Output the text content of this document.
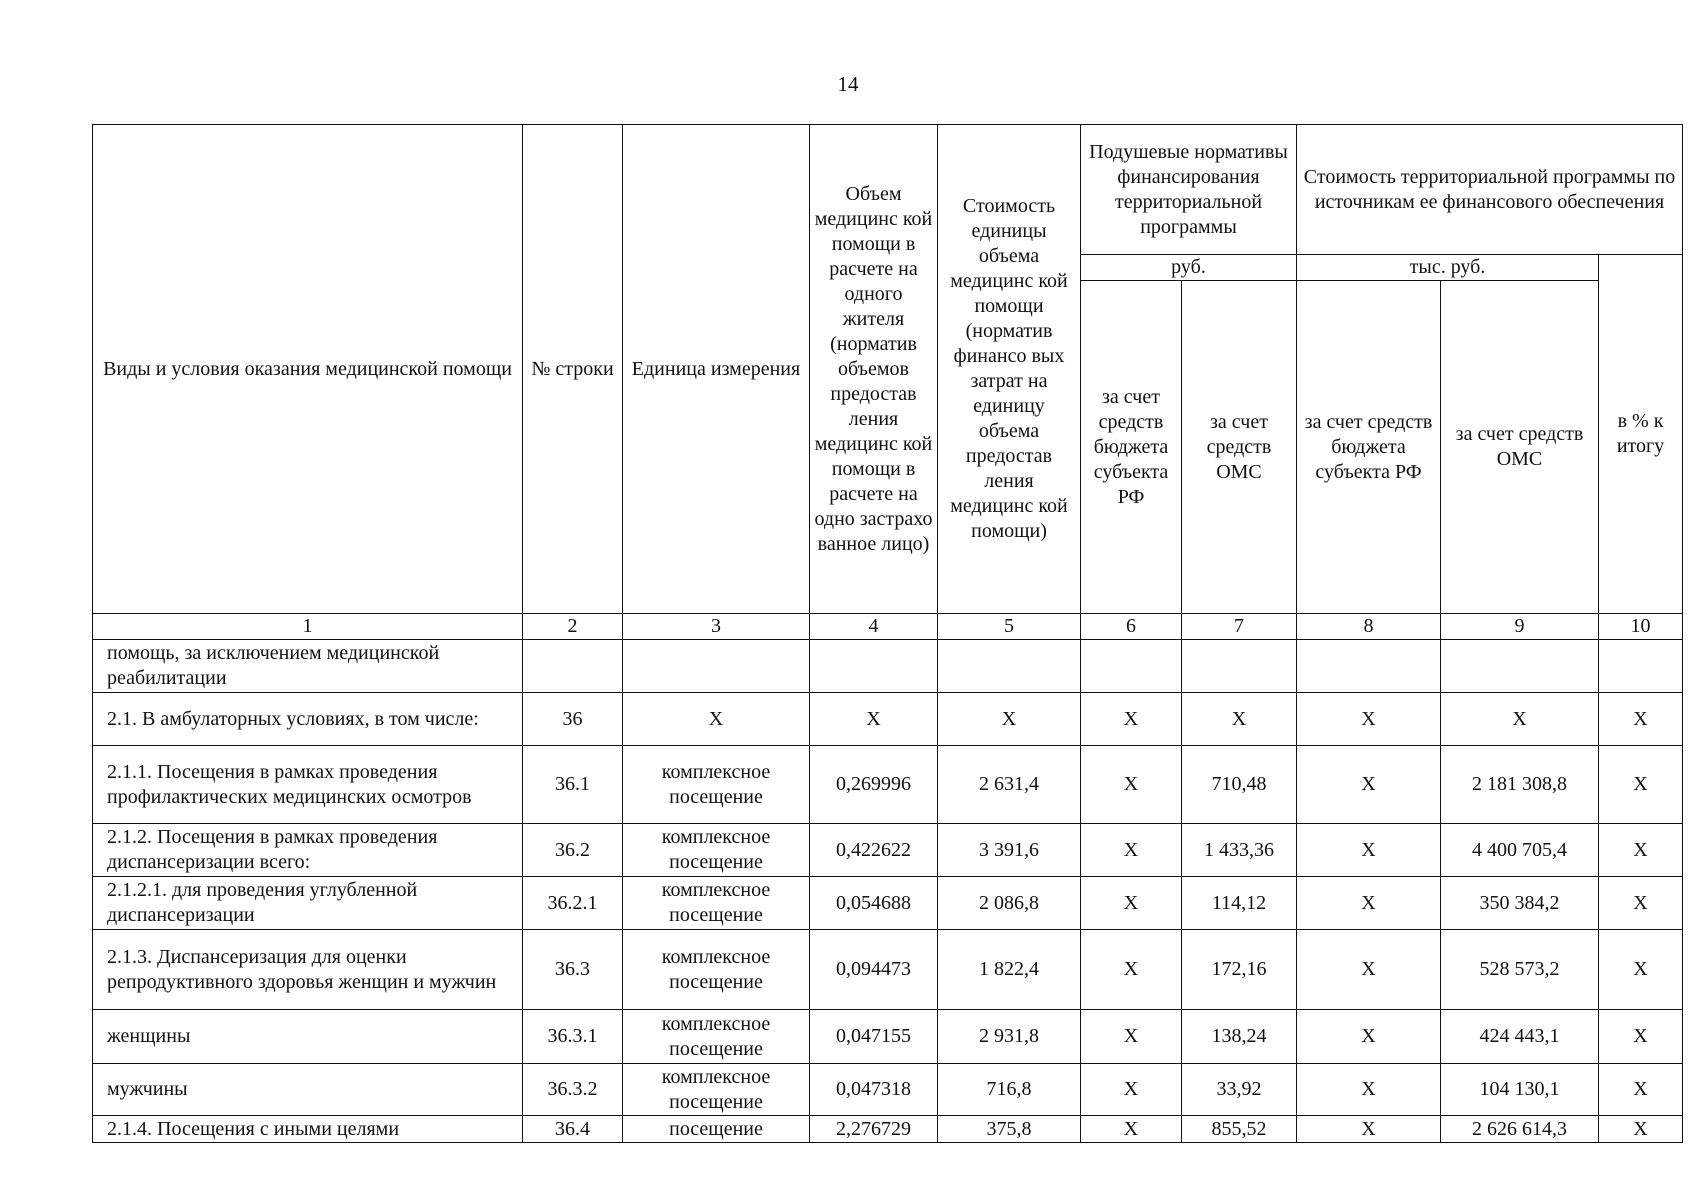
14
Виды и условия оказания медицинской помощи	№ строки	Единица измерения	Объем медицинс кой помощи в расчете на одного жителя (норматив объемов предостав ления медицинс кой помощи в расчете на одно застрахо ванное лицо)	Стоимость единицы объема медицинс кой помощи (норматив финансо вых затрат на единицу объема предостав ления медицинс кой помощи)	Подушевые нормативы финансирования территориальной программы		Стоимость территориальной программы по источникам ее финансового обеспечения		
					руб.		тыс. руб.		в % к итогу
					за счет средств бюджета субъекта РФ	за счет средств ОМС	за счет средств бюджета субъекта РФ	за счет средств ОМС	
1	2	3	4	5	6	7	8	9	10
помощь, за исключением медицинской реабилитации									
2.1. В амбулаторных условиях, в том числе:	36	Х	Х	Х	Х	Х	Х	Х	Х
2.1.1. Посещения в рамках проведения профилактических медицинских осмотров	36.1	комплексное посещение	0,269996	2 631,4	Х	710,48	Х	2 181 308,8	Х
2.1.2. Посещения в рамках проведения диспансеризации всего:	36.2	комплексное посещение	0,422622	3 391,6	Х	1 433,36	Х	4 400 705,4	Х
2.1.2.1. для проведения углубленной диспансеризации	36.2.1	комплексное посещение	0,054688	2 086,8	Х	114,12	Х	350 384,2	Х
2.1.3. Диспансеризация для оценки репродуктивного здоровья женщин и мужчин	36.3	комплексное посещение	0,094473	1 822,4	Х	172,16	Х	528 573,2	Х
женщины	36.3.1	комплексное посещение	0,047155	2 931,8	Х	138,24	Х	424 443,1	Х
мужчины	36.3.2	комплексное посещение	0,047318	716,8	Х	33,92	Х	104 130,1	Х
2.1.4. Посещения с иными целями	36.4	посещение	2,276729	375,8	Х	855,52	Х	2 626 614,3	Х
